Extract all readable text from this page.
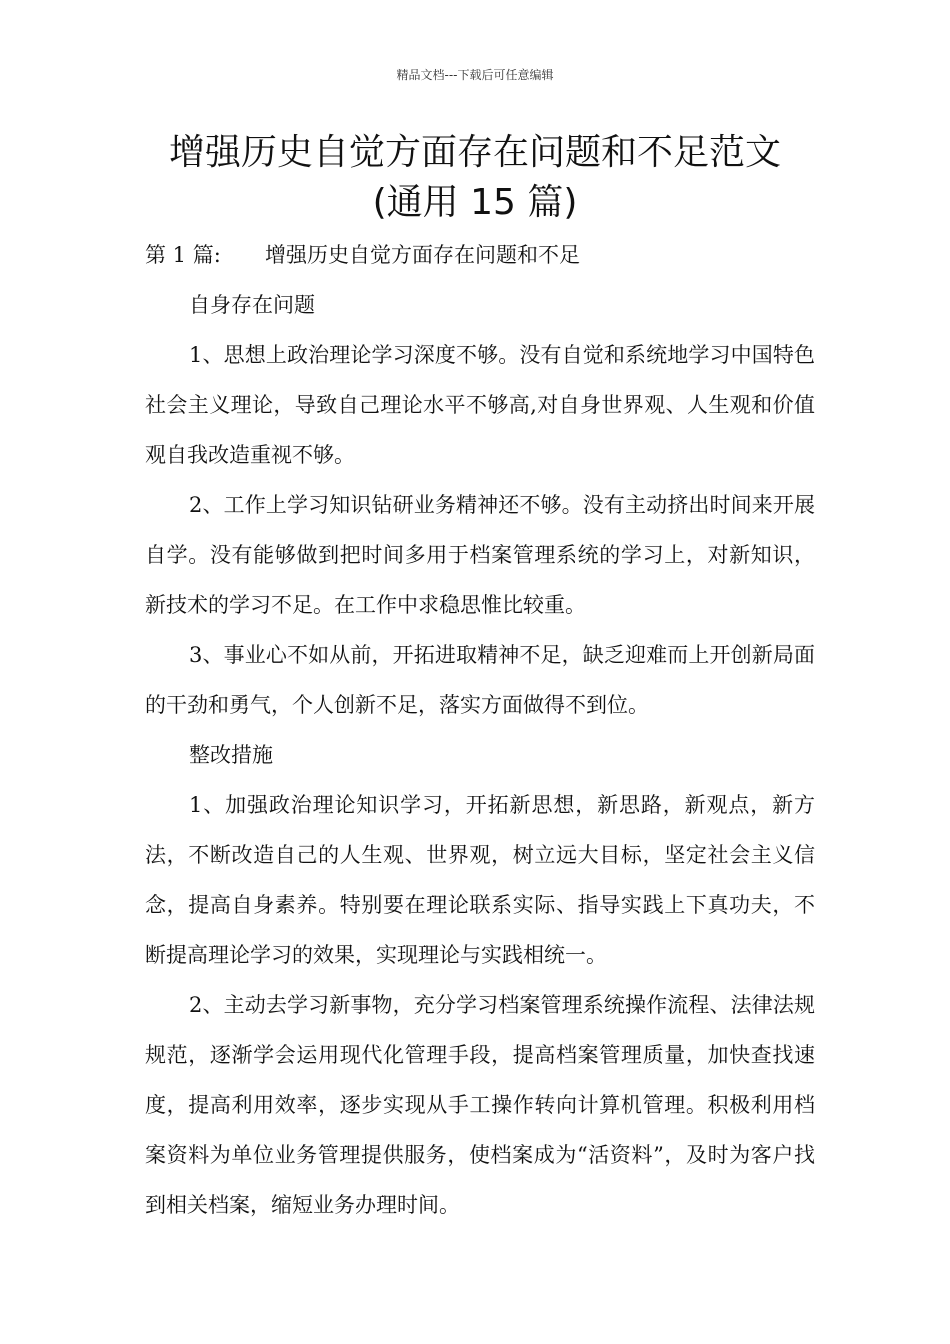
精品文档---下载后可任意编辑
增强历史自觉方面存在问题和不足范文
(通用 15 篇)
第 1 篇:	增强历史自觉方面存在问题和不足

自身存在问题

1、思想上政治理论学习深度不够。没有自觉和系统地学习中国特色社会主义理论，导致自己理论水平不够高,对自身世界观、人生观和价值观自我改造重视不够。

2、工作上学习知识钻研业务精神还不够。没有主动挤出时间来开展自学。没有能够做到把时间多用于档案管理系统的学习上，对新知识，新技术的学习不足。在工作中求稳思惟比较重。

3、事业心不如从前，开拓进取精神不足，缺乏迎难而上开创新局面的干劲和勇气，个人创新不足，落实方面做得不到位。

整改措施

1、加强政治理论知识学习，开拓新思想，新思路，新观点，新方法，不断改造自己的人生观、世界观，树立远大目标，坚定社会主义信念，提高自身素养。特别要在理论联系实际、指导实践上下真功夫，不断提高理论学习的效果，实现理论与实践相统一。

2、主动去学习新事物，充分学习档案管理系统操作流程、法律法规规范，逐渐学会运用现代化管理手段，提高档案管理质量，加快查找速度，提高利用效率，逐步实现从手工操作转向计算机管理。积极利用档案资料为单位业务管理提供服务，使档案成为“活资料”，及时为客户找到相关档案，缩短业务办理时间。
